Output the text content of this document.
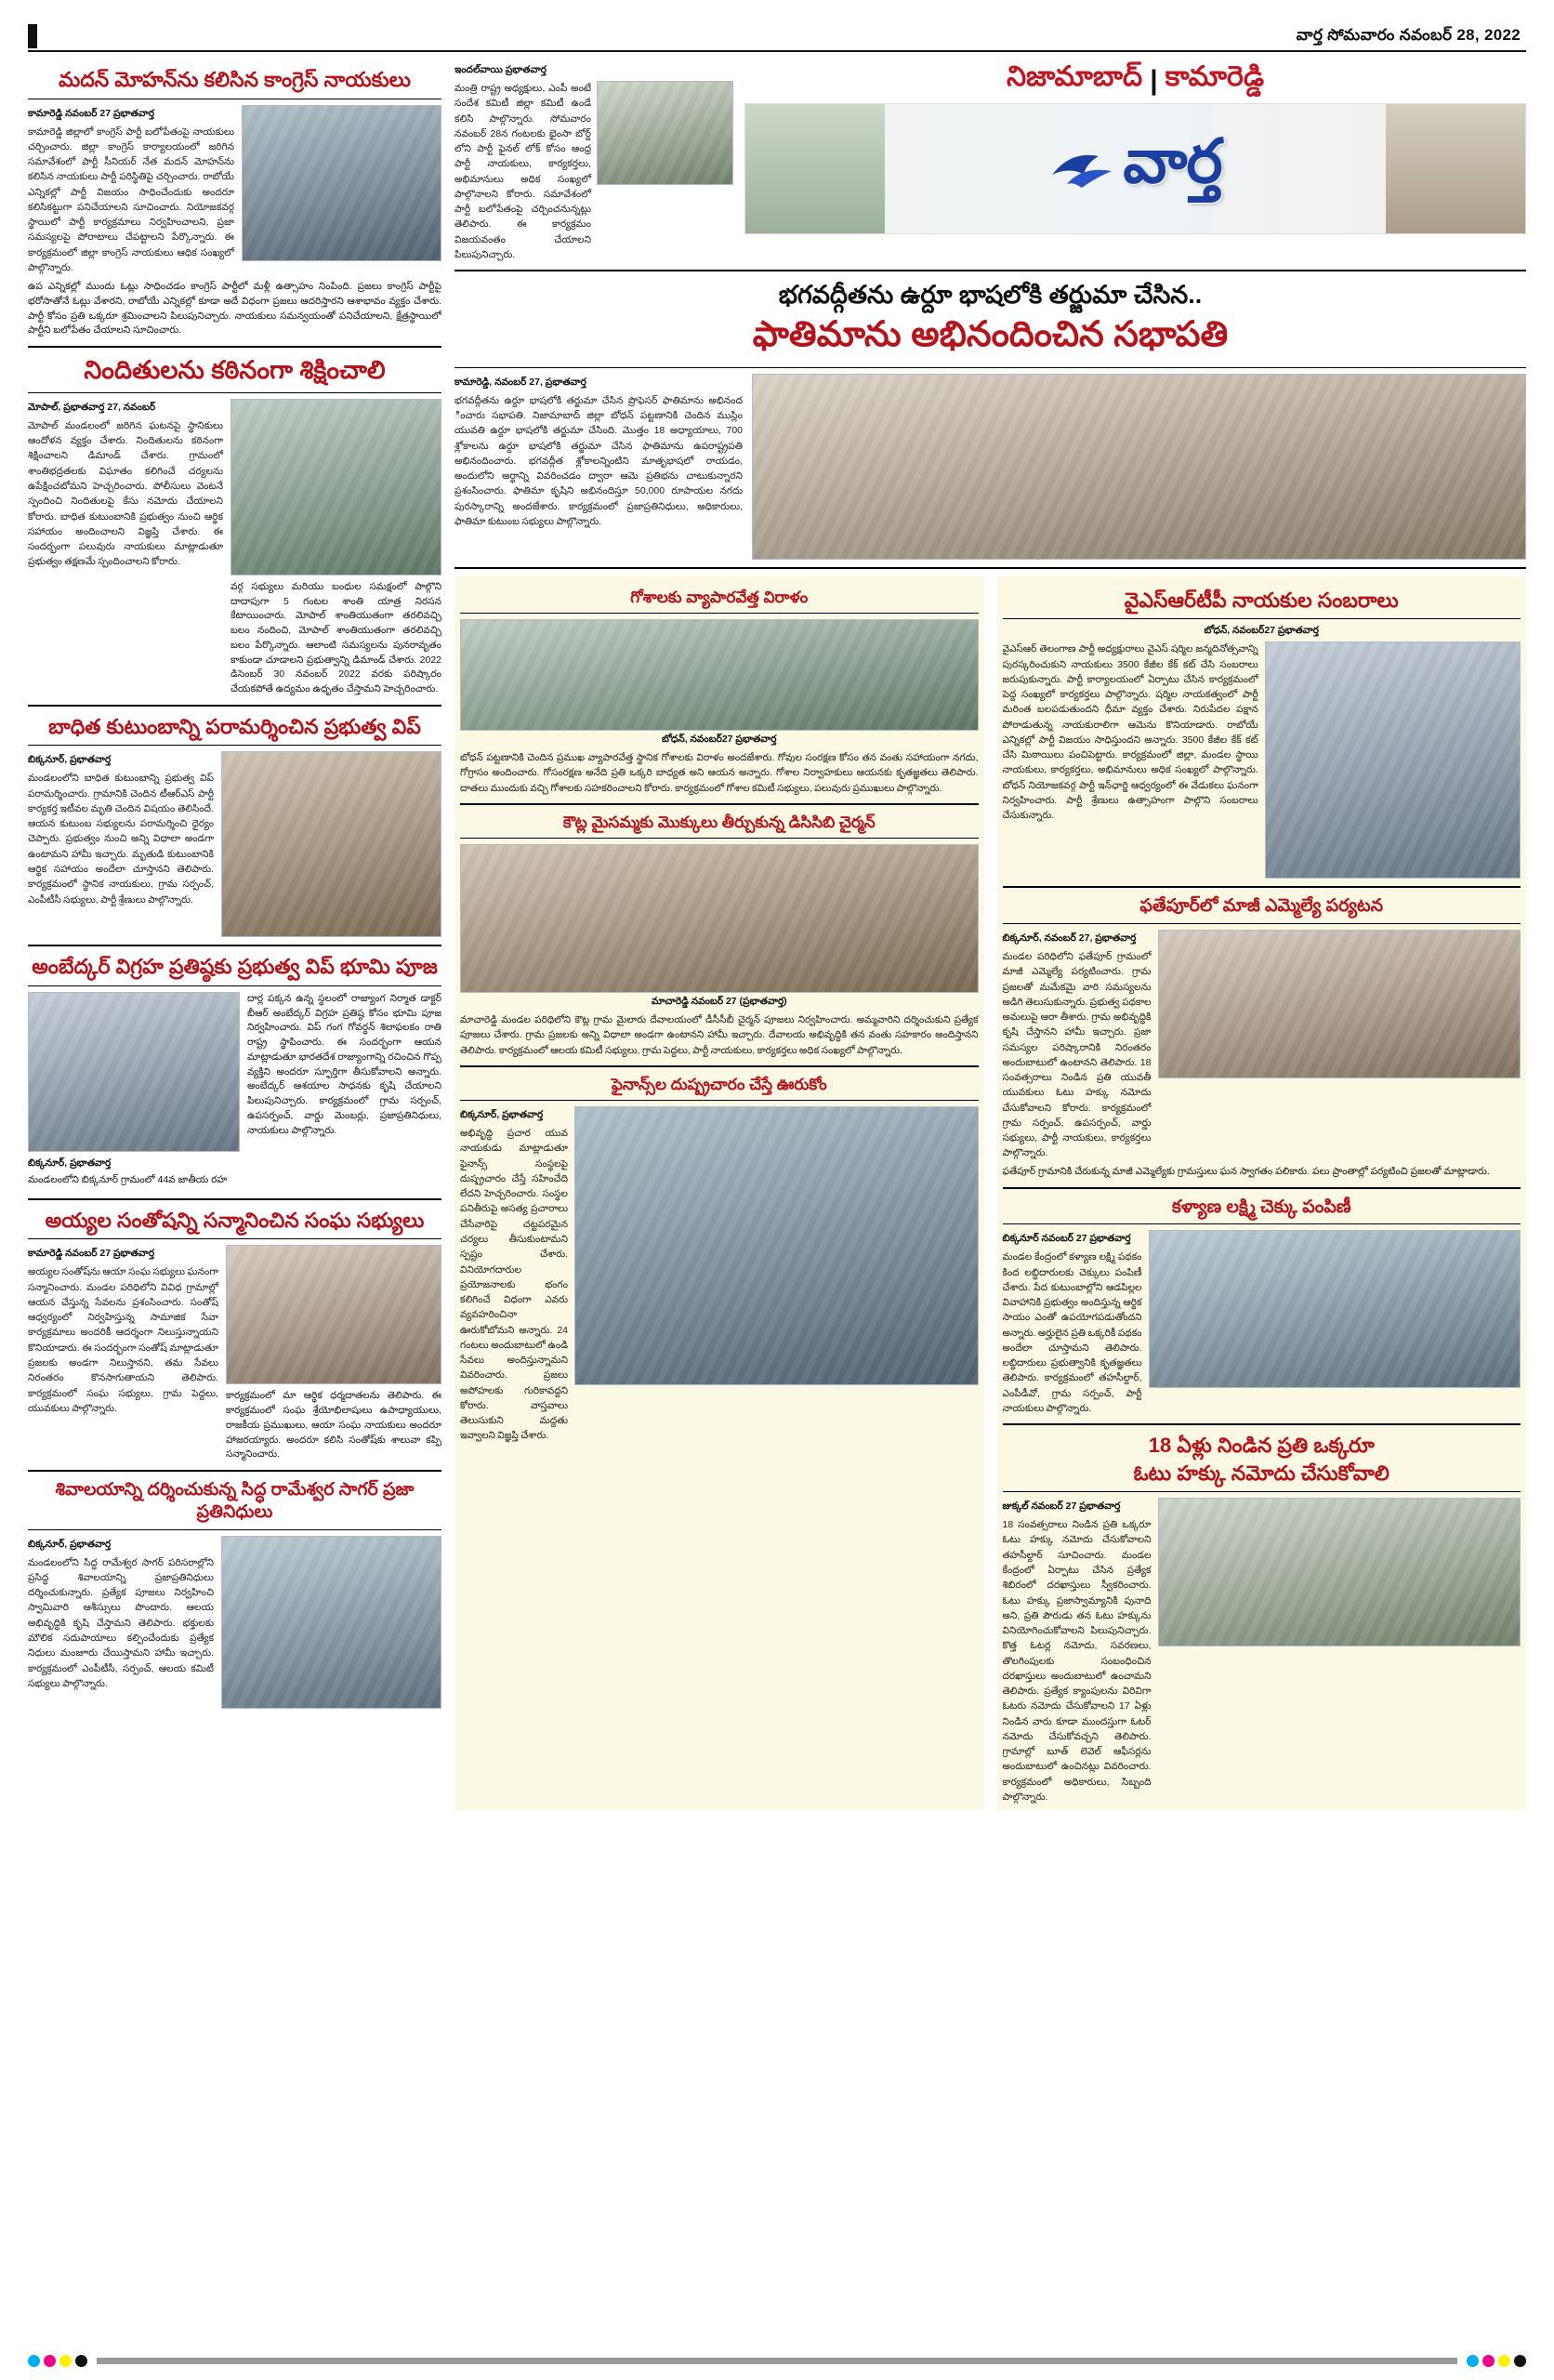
వార్త సోమవారం నవంబర్ 28, 2022
మదన్ మోహన్‌ను కలిసిన కాంగ్రెస్ నాయకులు
కామారెడ్డి నవంబర్ 27 ప్రభాతవార్త
కామారెడ్డి జిల్లాలో కాంగ్రెస్ పార్టీ బలోపేతంపై నాయకులు చర్చించారు. జిల్లా కాంగ్రెస్ కార్యాలయంలో జరిగిన సమావేశంలో పార్టీ సీనియర్ నేత మదన్ మోహన్‌ను కలిసిన నాయకులు పార్టీ పరిస్థితిపై చర్చించారు. రాబోయే ఎన్నికల్లో పార్టీ విజయం సాధించేందుకు అందరూ కలిసికట్టుగా పనిచేయాలని సూచించారు. నియోజకవర్గ స్థాయిలో పార్టీ కార్యక్రమాలు నిర్వహించాలని, ప్రజా సమస్యలపై పోరాటాలు చేపట్టాలని పేర్కొన్నారు. ఈ కార్యక్రమంలో జిల్లా కాంగ్రెస్ నాయకులు ఆధిక సంఖ్యలో పాల్గొన్నారు.
ఉప ఎన్నికల్లో ముందు ఓట్లు సాధించడం కాంగ్రెస్ పార్టీలో మళ్లీ ఉత్సాహం నింపింది. ప్రజలు కాంగ్రెస్ పార్టీపై భరోసాతోనే ఓట్లు వేశారని, రాబోయే ఎన్నికల్లో కూడా అదే విధంగా ప్రజలు ఆదరిస్తారని ఆశాభావం వ్యక్తం చేశారు. పార్టీ కోసం ప్రతి ఒక్కరూ శ్రమించాలని పిలుపునిచ్చారు. నాయకులు సమన్వయంతో పనిచేయాలని, క్షేత్రస్థాయిలో పార్టీని బలోపేతం చేయాలని సూచించారు.
నిందితులను కఠినంగా శిక్షించాలి
మోపాల్, ప్రభాతవార్త 27, నవంబర్
మోపాల్ మండలంలో జరిగిన ఘటనపై స్థానికులు ఆందోళన వ్యక్తం చేశారు. నిందితులను కఠినంగా శిక్షించాలని డిమాండ్ చేశారు. గ్రామంలో శాంతిభద్రతలకు విఘాతం కలిగించే చర్యలను ఉపేక్షించబోమని హెచ్చరించారు. పోలీసులు వెంటనే స్పందించి నిందితులపై కేసు నమోదు చేయాలని కోరారు. బాధిత కుటుంబానికి ప్రభుత్వం నుంచి ఆర్థిక సహాయం అందించాలని విజ్ఞప్తి చేశారు. ఈ సందర్భంగా పలువురు నాయకులు మాట్లాడుతూ ప్రభుత్వం తక్షణమే స్పందించాలని కోరారు.
వర్గ సభ్యులు మరియు బంధుల సమక్షంలో పాల్గొని దాదాపుగా 5 గంటల శాంతి యాత్ర నిరసన కేటాయించారు. మోపాల్ శాంతియుతంగా తరలివచ్చి బలం నందించి, మోపాల్ శాంతియుతంగా తరలివచ్చి బలం పేర్కొన్నారు. ఆలాంటి సమస్యలను పునరావృతం కాకుండా చూడాలని ప్రభుత్వాన్ని డిమాండ్ చేశారు. 2022 డిసెంబర్ 30 నవంబర్ 2022 వరకు పరిష్కారం చేయకపోతే ఉద్యమం ఉధృతం చేస్తామని హెచ్చరించారు.
బాధిత కుటుంబాన్ని పరామర్శించిన ప్రభుత్వ విప్
బిక్కనూర్, ప్రభాతవార్త
మండలంలోని బాధిత కుటుంబాన్ని ప్రభుత్వ విప్ పరామర్శించారు. గ్రామానికి చెందిన టీఆర్ఎస్ పార్టీ కార్యకర్త ఇటీవల మృతి చెందిన విషయం తెలిసిందే. ఆయన కుటుంబ సభ్యులను పరామర్శించి ధైర్యం చెప్పారు. ప్రభుత్వం నుంచి అన్ని విధాలా అండగా ఉంటామని హామీ ఇచ్చారు. మృతుడి కుటుంబానికి ఆర్థిక సహాయం అందేలా చూస్తానని తెలిపారు. కార్యక్రమంలో స్థానిక నాయకులు, గ్రామ సర్పంచ్, ఎంపీటీసీ సభ్యులు, పార్టీ శ్రేణులు పాల్గొన్నారు.
అంబేద్కర్ విగ్రహ ప్రతిష్ఠకు ప్రభుత్వ విప్ భూమి పూజ
బిక్కనూర్, ప్రభాతవార్త
మండలంలోని బిక్కనూర్ గ్రామంలో 44వ జాతీయ రహ
దార్ల పక్కన ఉన్న స్థలంలో రాజ్యాంగ నిర్మాత డాక్టర్ బీఆర్ అంబేద్కర్ విగ్రహ ప్రతిష్ఠ కోసం భూమి పూజ నిర్వహించారు. విప్ గంగ గోవర్ధన్ శిలాఫలకం రాతి రాష్ట్ర స్థాపించారు. ఈ సందర్భంగా ఆయన మాట్లాడుతూ భారతదేశ రాజ్యాంగాన్ని రచించిన గొప్ప వ్యక్తిని అందరూ స్ఫూర్తిగా తీసుకోవాలని అన్నారు. అంబేద్కర్ ఆశయాల సాధనకు కృషి చేయాలని పిలుపునిచ్చారు. కార్యక్రమంలో గ్రామ సర్పంచ్, ఉపసర్పంచ్, వార్డు మెంబర్లు, ప్రజాప్రతినిధులు, నాయకులు పాల్గొన్నారు.
అయ్యల సంతోషన్ని సన్మానించిన సంఘ సభ్యులు
కామారెడ్డి నవంబర్ 27 ప్రభాతవార్త
అయ్యల సంతోష్‌ను ఆయా సంఘ సభ్యులు ఘనంగా సన్మానించారు. మండల పరిధిలోని వివిధ గ్రామాల్లో ఆయన చేస్తున్న సేవలను ప్రశంసించారు. సంతోష్ ఆధ్వర్యంలో నిర్వహిస్తున్న సామాజిక సేవా కార్యక్రమాలు అందరికీ ఆదర్శంగా నిలుస్తున్నాయని కొనియాడారు. ఈ సందర్భంగా సంతోష్ మాట్లాడుతూ ప్రజలకు అండగా నిలుస్తానని, తమ సేవలు నిరంతరం కొనసాగుతాయని తెలిపారు. కార్యక్రమంలో సంఘ సభ్యులు, గ్రామ పెద్దలు, యువకులు పాల్గొన్నారు.
కార్యక్రమంలో మా ఆర్థిక ధర్మదాతలను తెలిపారు. ఈ కార్యక్రమంలో సంఘ శ్రేయోభిలాషులు ఉపాధ్యాయులు, రాజకీయ ప్రముఖులు, ఆయా సంఘ నాయకులు అందరూ హాజరయ్యారు. అందరూ కలిసి సంతోష్‌కు శాలువా కప్పి సన్మానించారు.
శివాలయాన్ని దర్శించుకున్న సిద్ధ రామేశ్వర సాగర్ ప్రజా ప్రతినిధులు
బిక్కనూర్, ప్రభాతవార్త
మండలంలోని సిద్ధ రామేశ్వర సాగర్ పరిసరాల్లోని ప్రసిద్ధ శివాలయాన్ని ప్రజాప్రతినిధులు దర్శించుకున్నారు. ప్రత్యేక పూజలు నిర్వహించి స్వామివారి ఆశీస్సులు పొందారు. ఆలయ అభివృద్ధికి కృషి చేస్తామని తెలిపారు. భక్తులకు మౌలిక సదుపాయాలు కల్పించేందుకు ప్రత్యేక నిధులు మంజూరు చేయిస్తామని హామీ ఇచ్చారు. కార్యక్రమంలో ఎంపీటీసీ, సర్పంచ్, ఆలయ కమిటీ సభ్యులు పాల్గొన్నారు.
ఇందల్‌వాయి ప్రభాతవార్త
మంత్రి రాష్ట్ర అధ్యక్షులు, ఎంపీ అంటే సందేశ కమిటీ జిల్లా కమిటీ ఉండే కలిసి పాల్గొన్నారు. సోమవారం నవంబర్ 28న గంటలకు భైంసా బోర్డ్ లోని పార్టీ ఫైనల్ లోక్ కోసం ఆంధ్ర పార్టీ నాయకులు, కార్యకర్తలు, అభిమానులు అధిక సంఖ్యలో పాల్గొనాలని కోరారు. సమావేశంలో పార్టీ బలోపేతంపై చర్చించనున్నట్లు తెలిపారు. ఈ కార్యక్రమం విజయవంతం చేయాలని పిలుపునిచ్చారు.
నిజామాబాద్ | కామారెడ్డి
వార్త
భగవద్గీతను ఉర్దూ భాషలోకి తర్జుమా చేసిన..
ఫాతిమాను అభినందించిన సభాపతి
కామారెడ్డి, నవంబర్ 27, ప్రభాతవార్త
భగవద్గీతను ఉర్దూ భాషలోకి తర్జుమా చేసిన ప్రొఫెసర్ ఫాతిమాను అభినంద ించారు సభాపతి. నిజామాబాద్ జిల్లా బోధన్ పట్టణానికి చెందిన ముస్లిం యువతి ఉర్దూ భాషలోకి తర్జుమా చేసింది. మొత్తం 18 అధ్యాయాలు, 700 శ్లోకాలను ఉర్దూ భాషలోకి తర్జుమా చేసిన ఫాతిమాను ఉపరాష్ట్రపతి అభినందించారు. భగవద్గీత శ్లోకాలన్నింటిని మాతృభాషలో రాయడం, అందులోని అర్థాన్ని వివరించడం ద్వారా ఆమె ప్రతిభను చాటుకున్నారని ప్రశంసించారు. ఫాతిమా కృషిని అభినందిస్తూ 50,000 రూపాయల నగదు పురస్కారాన్ని అందజేశారు. కార్యక్రమంలో ప్రజాప్రతినిధులు, అధికారులు, ఫాతిమా కుటుంబ సభ్యులు పాల్గొన్నారు.
గోశాలకు వ్యాపారవేత్త విరాళం
బోధన్, నవంబర్27 ప్రభాతవార్త
బోధన్ పట్టణానికి చెందిన ప్రముఖ వ్యాపారవేత్త స్థానిక గోశాలకు విరాళం అందజేశారు. గోవుల సంరక్షణ కోసం తన వంతు సహాయంగా నగదు, గోగ్రాసం అందించారు. గోసంరక్షణ అనేది ప్రతి ఒక్కరి బాధ్యత అని ఆయన అన్నారు. గోశాల నిర్వాహకులు ఆయనకు కృతజ్ఞతలు తెలిపారు. దాతలు ముందుకు వచ్చి గోశాలకు సహకరించాలని కోరారు. కార్యక్రమంలో గోశాల కమిటీ సభ్యులు, పలువురు ప్రముఖులు పాల్గొన్నారు.
కౌట్ల మైసమ్మకు మొక్కులు తీర్చుకున్న డిసిసిబి చైర్మన్
మాచారెడ్డి నవంబర్ 27 (ప్రభాతవార్త)
మాచారెడ్డి మండల పరిధిలోని కౌట్ల గ్రామ మైలారు దేవాలయంలో డీసీసీబీ చైర్మన్ పూజలు నిర్వహించారు. అమ్మవారిని దర్శించుకుని ప్రత్యేక పూజలు చేశారు. గ్రామ ప్రజలకు అన్ని విధాలా అండగా ఉంటానని హామీ ఇచ్చారు. దేవాలయ అభివృద్ధికి తన వంతు సహకారం అందిస్తానని తెలిపారు. కార్యక్రమంలో ఆలయ కమిటీ సభ్యులు, గ్రామ పెద్దలు, పార్టీ నాయకులు, కార్యకర్తలు అధిక సంఖ్యలో పాల్గొన్నారు.
ఫైనాన్స్‌ల దుష్ప్రచారం చేస్తే ఊరుకోం
బిక్కనూర్, ప్రభాతవార్త
అభివృద్ధి ప్రచార యువ నాయకుడు మాట్లాడుతూ ఫైనాన్స్ సంస్థలపై దుష్ప్రచారం చేస్తే సహించేది లేదని హెచ్చరించారు. సంస్థల పనితీరుపై అసత్య ప్రచారాలు చేసేవారిపై చట్టపరమైన చర్యలు తీసుకుంటామని స్పష్టం చేశారు. వినియోగదారుల ప్రయోజనాలకు భంగం కలిగించే విధంగా ఎవరు వ్యవహరించినా ఊరుకోబోమని అన్నారు. 24 గంటలు అందుబాటులో ఉండి సేవలు అందిస్తున్నామని వివరించారు. ప్రజలు అపోహలకు గురికావద్దని కోరారు. వాస్తవాలు తెలుసుకుని మద్దతు ఇవ్వాలని విజ్ఞప్తి చేశారు.
వైఎస్ఆర్‌టీపీ నాయకుల సంబరాలు
బోధన్, నవంబర్27 ప్రభాతవార్త
వైఎస్ఆర్ తెలంగాణ పార్టీ అధ్యక్షురాలు వైఎస్ షర్మిల జన్మదినోత్సవాన్ని పురస్కరించుకుని నాయకులు 3500 కేజీల కేక్ కట్ చేసి సంబరాలు జరుపుకున్నారు. పార్టీ కార్యాలయంలో ఏర్పాటు చేసిన కార్యక్రమంలో పెద్ద సంఖ్యలో కార్యకర్తలు పాల్గొన్నారు. షర్మిల నాయకత్వంలో పార్టీ మరింత బలపడుతుందని ధీమా వ్యక్తం చేశారు. నిరుపేదల పక్షాన పోరాడుతున్న నాయకురాలిగా ఆమెను కొనియాడారు. రాబోయే ఎన్నికల్లో పార్టీ విజయం సాధిస్తుందని అన్నారు. 3500 కేజీల కేక్ కట్ చేసి మిఠాయిలు పంచిపెట్టారు. కార్యక్రమంలో జిల్లా, మండల స్థాయి నాయకులు, కార్యకర్తలు, అభిమానులు అధిక సంఖ్యలో పాల్గొన్నారు. బోధన్ నియోజకవర్గ పార్టీ ఇన్‌ఛార్జి ఆధ్వర్యంలో ఈ వేడుకలు ఘనంగా నిర్వహించారు. పార్టీ శ్రేణులు ఉత్సాహంగా పాల్గొని సంబరాలు చేసుకున్నారు.
ఫతేపూర్‌లో మాజీ ఎమ్మెల్యే పర్యటన
బిక్కనూర్, నవంబర్ 27, ప్రభాతవార్త
మండల పరిధిలోని ఫతేపూర్ గ్రామంలో మాజీ ఎమ్మెల్యే పర్యటించారు. గ్రామ ప్రజలతో మమేకమై వారి సమస్యలను అడిగి తెలుసుకున్నారు. ప్రభుత్వ పథకాల అమలుపై ఆరా తీశారు. గ్రామ అభివృద్ధికి కృషి చేస్తానని హామీ ఇచ్చారు. ప్రజా సమస్యల పరిష్కారానికి నిరంతరం అందుబాటులో ఉంటానని తెలిపారు. 18 సంవత్సరాలు నిండిన ప్రతి యువతీ యువకులు ఓటు హక్కు నమోదు చేసుకోవాలని కోరారు. కార్యక్రమంలో గ్రామ సర్పంచ్, ఉపసర్పంచ్, వార్డు సభ్యులు, పార్టీ నాయకులు, కార్యకర్తలు పాల్గొన్నారు.
ఫతేపూర్ గ్రామానికి చేరుకున్న మాజీ ఎమ్మెల్యేకు గ్రామస్తులు ఘన స్వాగతం పలికారు. పలు ప్రాంతాల్లో పర్యటించి ప్రజలతో మాట్లాడారు.
కళ్యాణ లక్ష్మి చెక్కు పంపిణీ
బిక్కనూర్ నవంబర్ 27 ప్రభాతవార్త
మండల కేంద్రంలో కళ్యాణ లక్ష్మి పథకం కింద లబ్ధిదారులకు చెక్కులు పంపిణీ చేశారు. పేద కుటుంబాల్లోని ఆడపిల్లల వివాహానికి ప్రభుత్వం అందిస్తున్న ఆర్థిక సాయం ఎంతో ఉపయోగపడుతోందని అన్నారు. అర్హులైన ప్రతి ఒక్కరికీ పథకం అందేలా చూస్తామని తెలిపారు. లబ్ధిదారులు ప్రభుత్వానికి కృతజ్ఞతలు తెలిపారు. కార్యక్రమంలో తహసీల్దార్, ఎంపీడీవో, గ్రామ సర్పంచ్, పార్టీ నాయకులు పాల్గొన్నారు.
18 ఏళ్లు నిండిన ప్రతి ఒక్కరూ
ఓటు హక్కు నమోదు చేసుకోవాలి
జుక్కల్ నవంబర్ 27 ప్రభాతవార్త
18 సంవత్సరాలు నిండిన ప్రతి ఒక్కరూ ఓటు హక్కు నమోదు చేసుకోవాలని తహసీల్దార్ సూచించారు. మండల కేంద్రంలో ఏర్పాటు చేసిన ప్రత్యేక శిబిరంలో దరఖాస్తులు స్వీకరించారు. ఓటు హక్కు ప్రజాస్వామ్యానికి పునాది అని, ప్రతి పౌరుడు తన ఓటు హక్కును వినియోగించుకోవాలని పిలుపునిచ్చారు. కొత్త ఓటర్ల నమోదు, సవరణలు, తొలగింపులకు సంబంధించిన దరఖాస్తులు అందుబాటులో ఉంచామని తెలిపారు. ప్రత్యేక క్యాంపులను విరివిగా ఓటరు నమోదు చేసుకోవాలని 17 ఏళ్లు నిండిన వారు కూడా ముందస్తుగా ఓటర్ నమోదు చేసుకోవచ్చని తెలిపారు. గ్రామాల్లో బూత్ లెవెల్ ఆఫీసర్లను అందుబాటులో ఉంచినట్లు వివరించారు. కార్యక్రమంలో అధికారులు, సిబ్బంది పాల్గొన్నారు.
